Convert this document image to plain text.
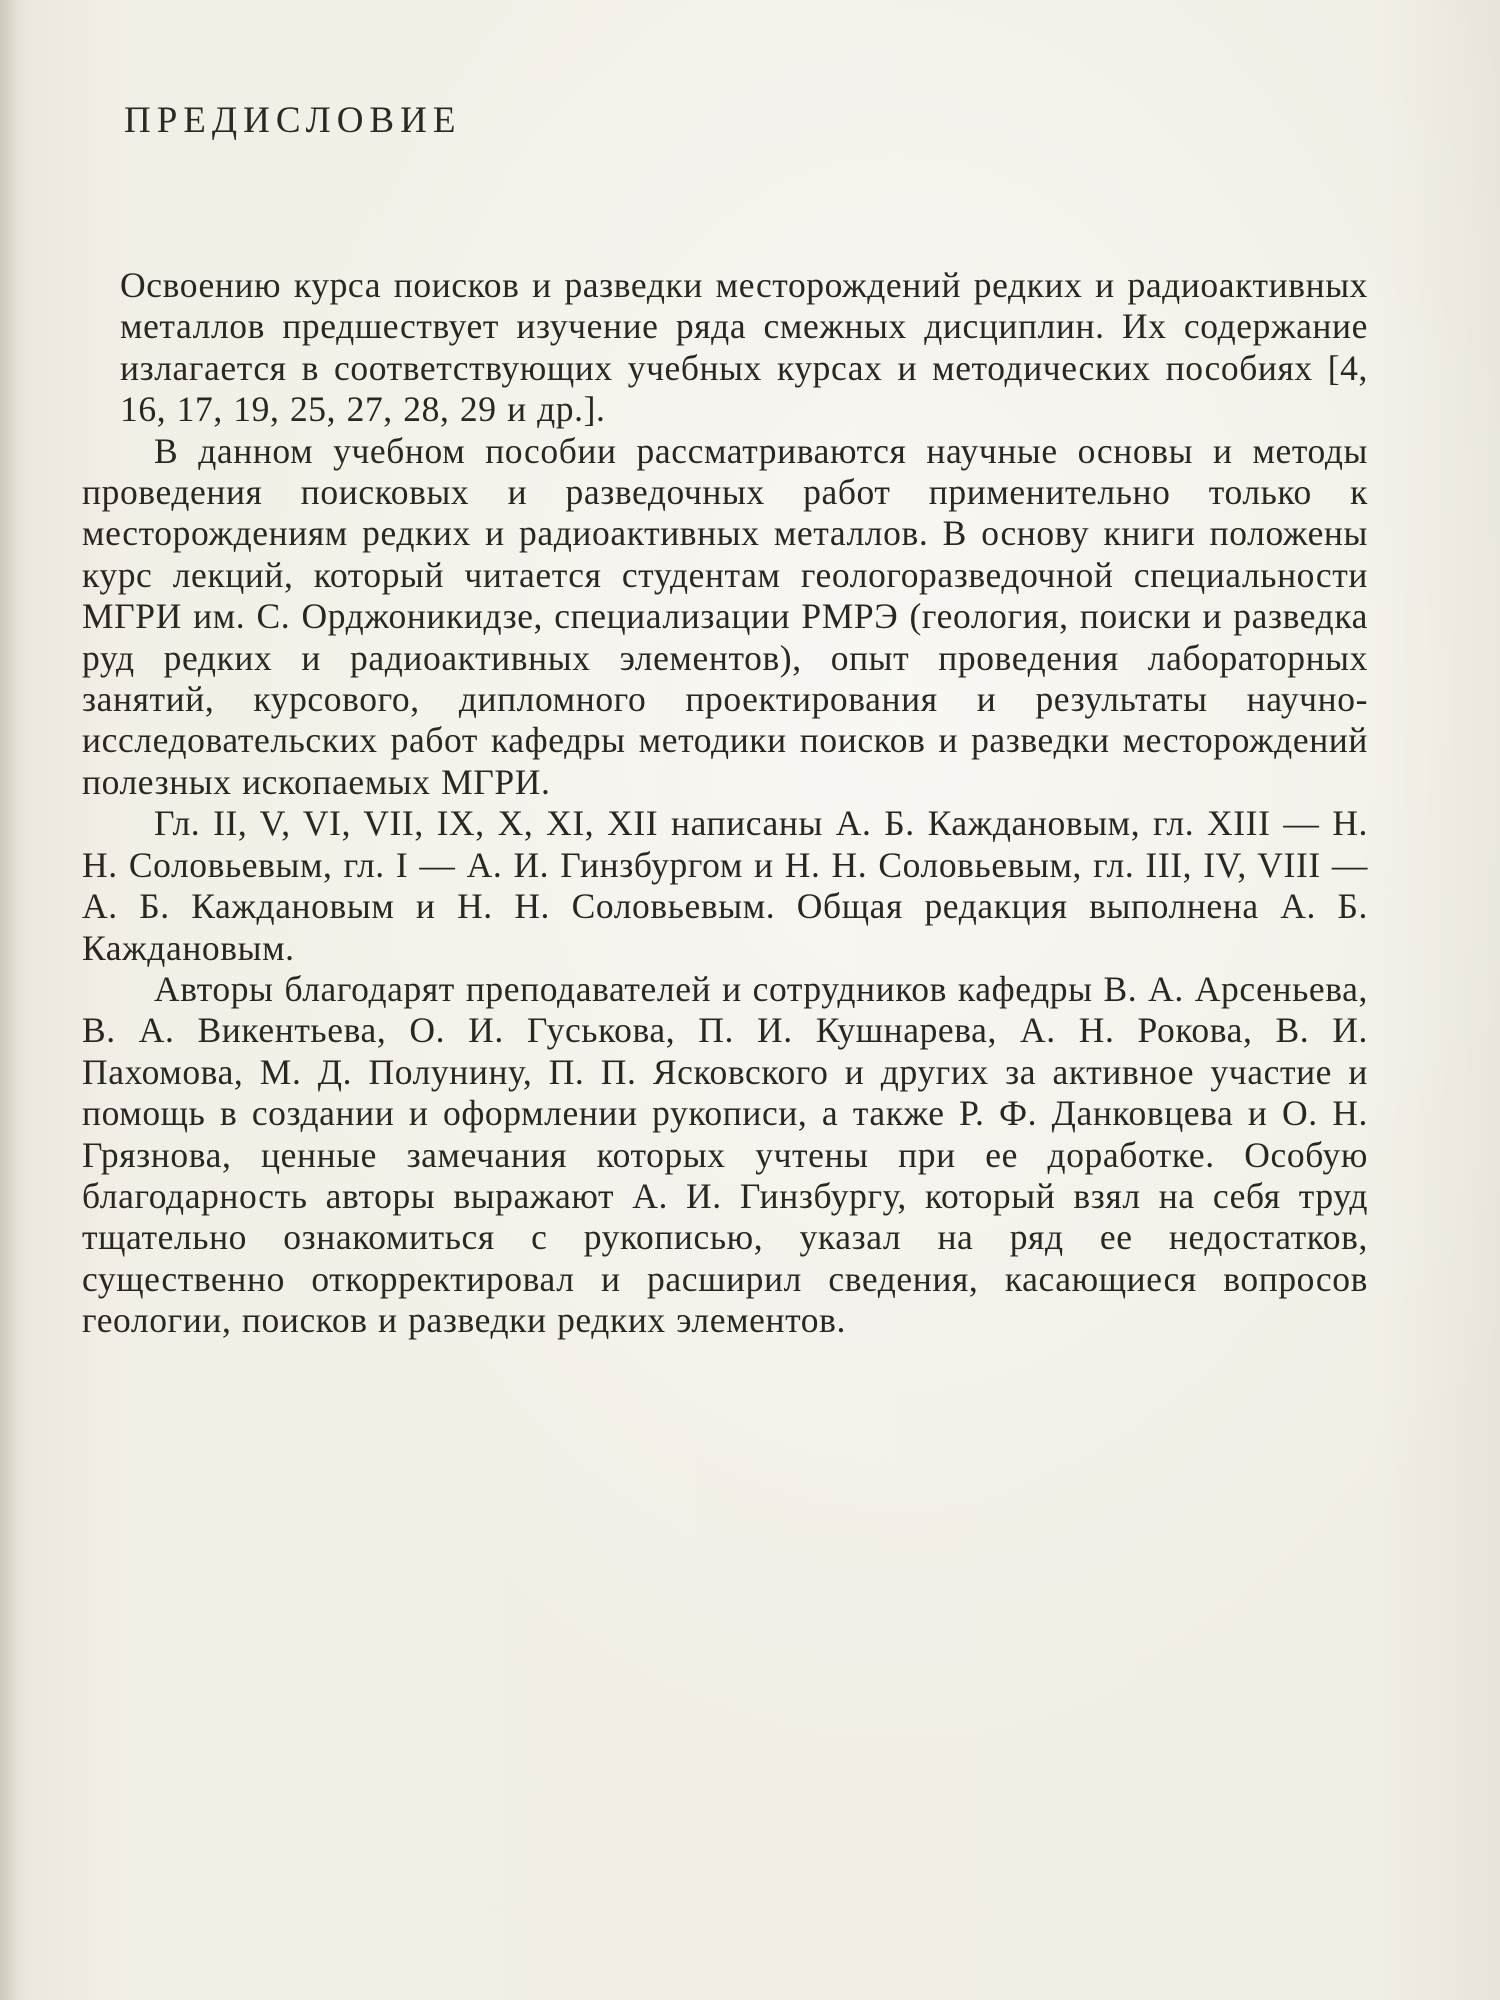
ПРЕДИСЛОВИЕ

Освоению курса поисков и разведки месторождений редких и радиоактивных металлов предшествует изучение ряда смежных дисциплин. Их содержание излагается в соответствующих учебных курсах и методических пособиях [4, 16, 17, 19, 25, 27, 28, 29 и др.].

В данном учебном пособии рассматриваются научные основы и методы проведения поисковых и разведочных работ применительно только к месторождениям редких и радиоактивных металлов. В основу книги положены курс лекций, который читается студентам геологоразведочной специальности МГРИ им. С. Орджоникидзе, специализации РМРЭ (геология, поиски и разведка руд редких и радиоактивных элементов), опыт проведения лабораторных занятий, курсового, дипломного проектирования и результаты научно-исследовательских работ кафедры методики поисков и разведки месторождений полезных ископаемых МГРИ.

Гл. II, V, VI, VII, IX, X, XI, XII написаны А. Б. Каждановым, гл. XIII — Н. Н. Соловьевым, гл. I — А. И. Гинзбургом и Н. Н. Соловьевым, гл. III, IV, VIII — А. Б. Каждановым и Н. Н. Соловьевым. Общая редакция выполнена А. Б. Каждановым.

Авторы благодарят преподавателей и сотрудников кафедры В. А. Арсеньева, В. А. Викентьева, О. И. Гуськова, П. И. Кушнарева, А. Н. Рокова, В. И. Пахомова, М. Д. Полунину, П. П. Ясковского и других за активное участие и помощь в создании и оформлении рукописи, а также Р. Ф. Данковцева и О. Н. Грязнова, ценные замечания которых учтены при ее доработке. Особую благодарность авторы выражают А. И. Гинзбургу, который взял на себя труд тщательно ознакомиться с рукописью, указал на ряд ее недостатков, существенно откорректировал и расширил сведения, касающиеся вопросов геологии, поисков и разведки редких элементов.
